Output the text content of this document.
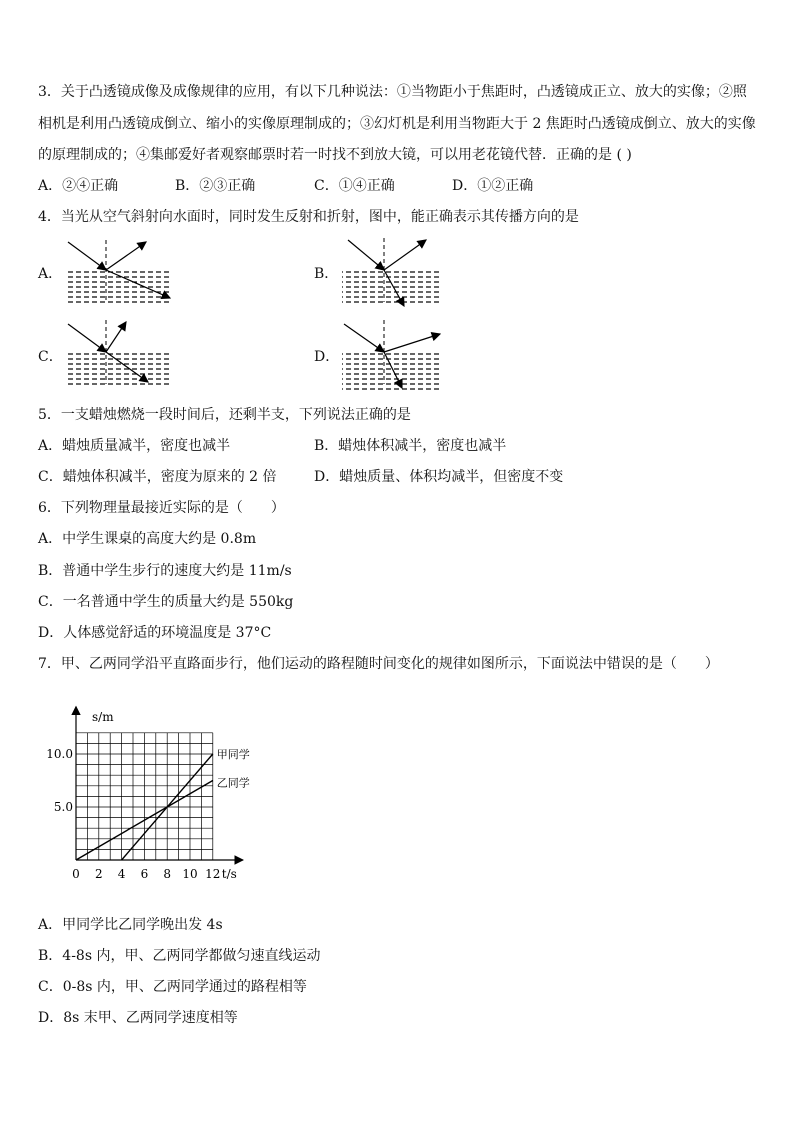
3．关于凸透镜成像及成像规律的应用，有以下几种说法：①当物距小于焦距时，凸透镜成正立、放大的实像；②照
相机是利用凸透镜成倒立、缩小的实像原理制成的；③幻灯机是利用当物距大于 2 焦距时凸透镜成倒立、放大的实像
的原理制成的；④集邮爱好者观察邮票时若一时找不到放大镜，可以用老花镜代替．正确的是 ( )
A．②④正确	B．②③正确	C．①④正确	D．①②正确
4．当光从空气斜射向水面时，同时发生反射和折射，图中，能正确表示其传播方向的是
A．	B．
C．	D．
5．一支蜡烛燃烧一段时间后，还剩半支，下列说法正确的是
A．蜡烛质量减半，密度也减半	B．蜡烛体积减半，密度也减半
C．蜡烛体积减半，密度为原来的 2 倍	D．蜡烛质量、体积均减半，但密度不变
6．下列物理量最接近实际的是（　　）
A．中学生课桌的高度大约是 0.8m
B．普通中学生步行的速度大约是 11m/s
C．一名普通中学生的质量大约是 550kg
D．人体感觉舒适的环境温度是 37°C
7．甲、乙两同学沿平直路面步行，他们运动的路程随时间变化的规律如图所示，下面说法中错误的是（　　）
0 2 4 6 8 10 12
5.0
10.0
t/s
s/m
甲同学
乙同学
A．甲同学比乙同学晚出发 4s
B．4-8s 内，甲、乙两同学都做匀速直线运动
C．0-8s 内，甲、乙两同学通过的路程相等
D．8s 末甲、乙两同学速度相等
